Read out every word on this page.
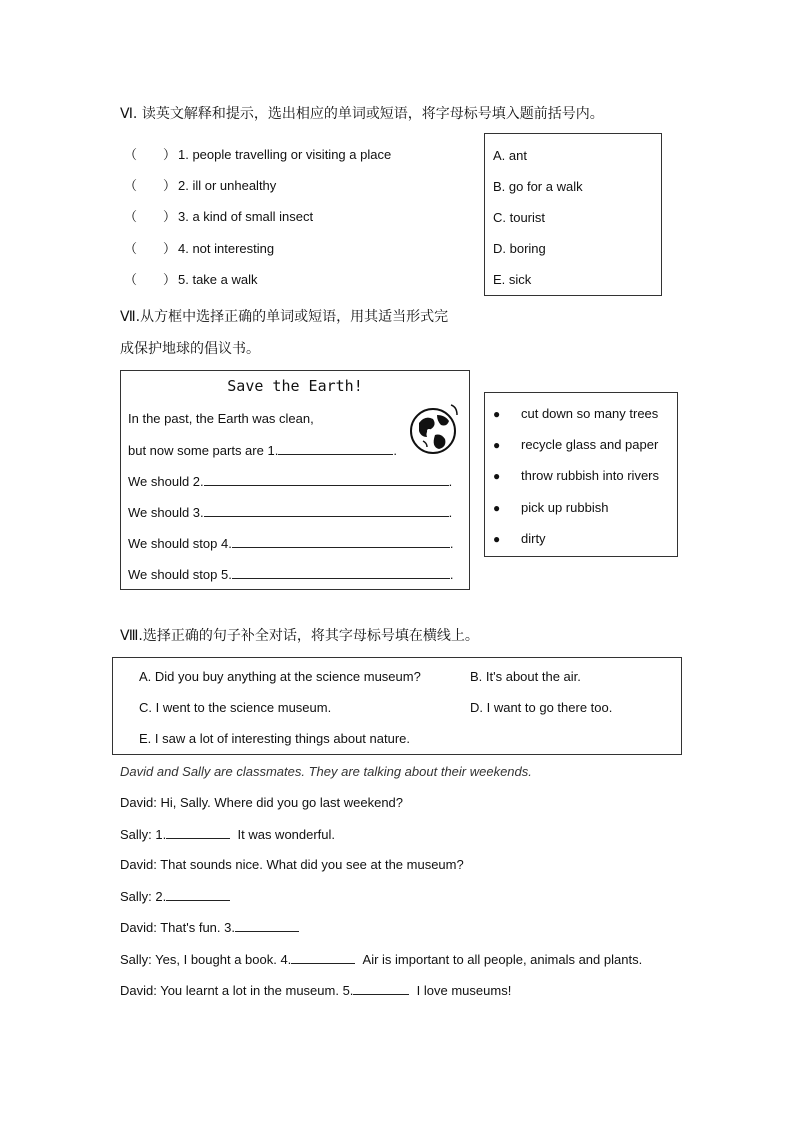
Ⅵ. 读英文解释和提示，选出相应的单词或短语，将字母标号填入题前括号内。
（　　） 1. people travelling or visiting a place
（　　） 2. ill or unhealthy
（　　） 3. a kind of small insect
（　　） 4. not interesting
（　　） 5. take a walk
A. ant
B. go for a walk
C. tourist
D. boring
E. sick
Ⅶ.从方框中选择正确的单词或短语，用其适当形式完
成保护地球的倡议书。
Save the Earth!
In the past, the Earth was clean,
but now some parts are 1.	.
We should 2.	.
We should 3.	.
We should stop 4.	.
We should stop 5.	.
● cut down so many trees
● recycle glass and paper
● throw rubbish into rivers
● pick up rubbish
● dirty
Ⅷ.选择正确的句子补全对话，将其字母标号填在横线上。
A. Did you buy anything at the science museum?	B. It's about the air.
C. I went to the science museum.	D. I want to go there too.
E. I saw a lot of interesting things about nature.
David and Sally are classmates. They are talking about their weekends.
David: Hi, Sally. Where did you go last weekend?
Sally: 1.	It was wonderful.
David: That sounds nice. What did you see at the museum?
Sally: 2.
David: That's fun. 3.
Sally: Yes, I bought a book. 4.	Air is important to all people, animals and plants.
David: You learnt a lot in the museum. 5.	I love museums!
